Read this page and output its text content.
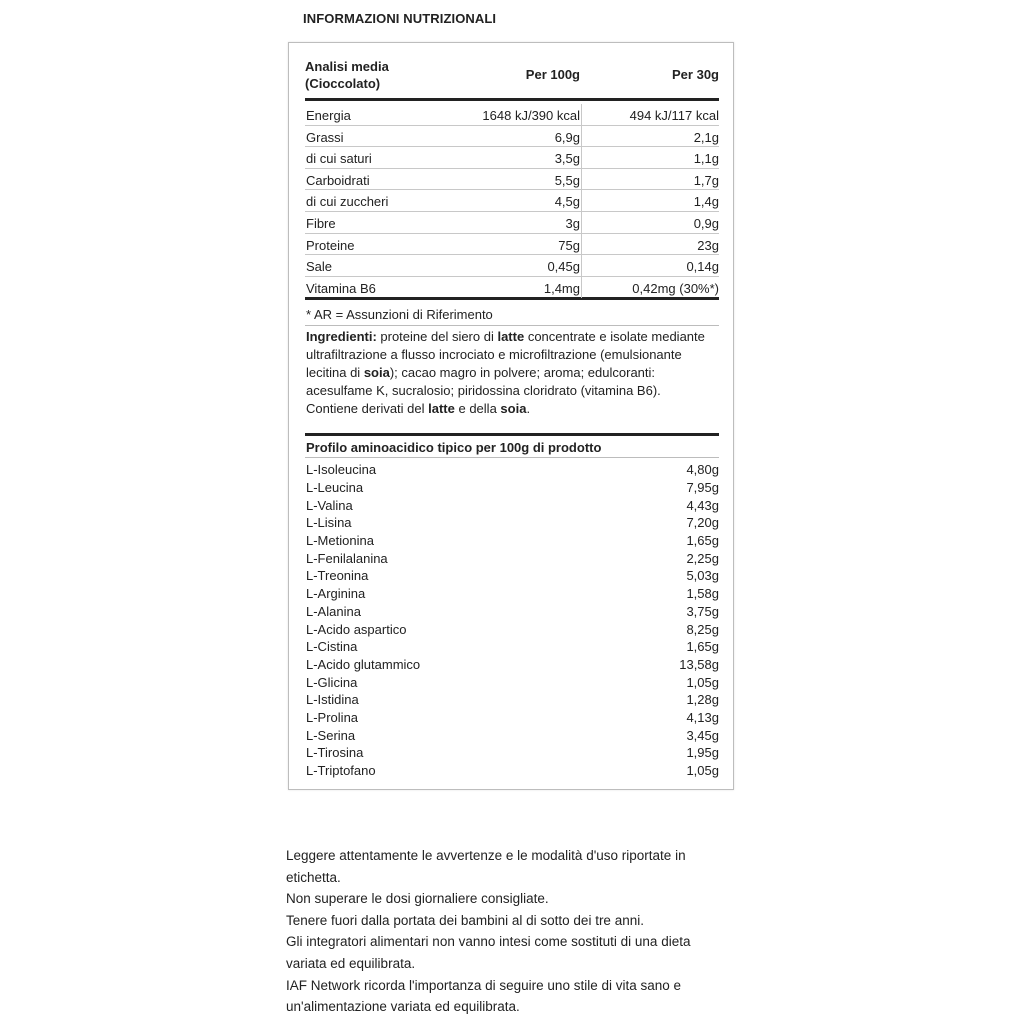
INFORMAZIONI NUTRIZIONALI
Analisi media (Cioccolato)
Per 100g	Per 30g
Energia	1648 kJ/390 kcal	494 kJ/117 kcal
Grassi	6,9g	2,1g
di cui saturi	3,5g	1,1g
Carboidrati	5,5g	1,7g
di cui zuccheri	4,5g	1,4g
Fibre	3g	0,9g
Proteine	75g	23g
Sale	0,45g	0,14g
Vitamina B6	1,4mg	0,42mg (30%*)
* AR = Assunzioni di Riferimento

Ingredienti: proteine del siero di latte concentrate e isolate mediante ultrafiltrazione a flusso incrociato e microfiltrazione (emulsionante lecitina di soia); cacao magro in polvere; aroma; edulcoranti: acesulfame K, sucralosio; piridossina cloridrato (vitamina B6).

Contiene derivati del latte e della soia.

Profilo aminoacidico tipico per 100g di prodotto
L-Isoleucina	4,80g
L-Leucina	7,95g
L-Valina	4,43g
L-Lisina	7,20g
L-Metionina	1,65g
L-Fenilalanina	2,25g
L-Treonina	5,03g
L-Arginina	1,58g
L-Alanina	3,75g
L-Acido aspartico	8,25g
L-Cistina	1,65g
L-Acido glutammico	13,58g
L-Glicina	1,05g
L-Istidina	1,28g
L-Prolina	4,13g
L-Serina	3,45g
L-Tirosina	1,95g
L-Triptofano	1,05g

Leggere attentamente le avvertenze e le modalità d'uso riportate in etichetta.

Non superare le dosi giornaliere consigliate.

Tenere fuori dalla portata dei bambini al di sotto dei tre anni.

Gli integratori alimentari non vanno intesi come sostituti di una dieta variata ed equilibrata.

IAF Network ricorda l'importanza di seguire uno stile di vita sano e un'alimentazione variata ed equilibrata.
